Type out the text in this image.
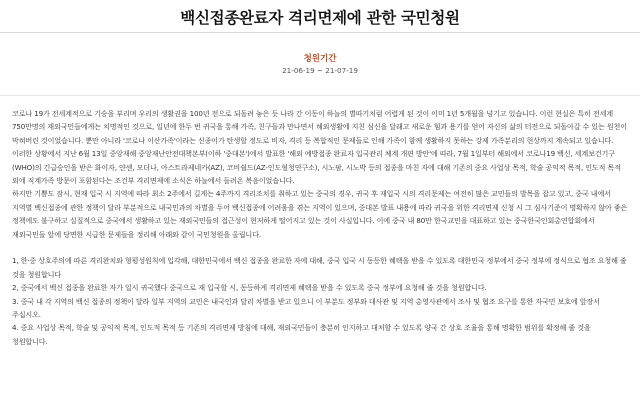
백신접종완료자 격리면제에 관한 국민청원
청원기간
21-06-19 ~ 21-07-19

코로나 19가 전세계적으로 기승을 부리며 우리의 생활권을 100년 전으로 되돌려 놓은 듯 나라 간 이동이 하늘의 별따기처럼 어렵게 된 것이 이미 1년 5개월을 넘기고 있습니다. 이런 현실은 특히 전세계 750만명의 재외국민들에게는 치명적인 것으로, 일년에 한두 번 귀국을 통해 가족, 친구들과 만나면서 해외생활에 지친 심신을 달래고 새로운 힘과 용기를 얻어 자신의 삶의 터전으로 되돌아갈 수 있는 원천이 막혀버린 것이었습니다. 뿐만 아니라 '코로나 이산가족'이라는 신종어가 탄생할 정도로 비자, 격리 등 복합적인 문제들로 인해 가족이 함께 생활하지 못하는 강제 가족분리의 현상까지 계속되고 있습니다.

이러한 상황에서 지난 6월 13일 중앙재해 중앙재난안전대책본부(이하 '중대본')에서 발표한 '해외 예방접종 완료자 입국관리 체계 개편 방안'에 따라, 7월 1일부터 해외에서 코로나19 백신, 세계보건기구(WHO)의 긴급승인을 받은 화이자, 얀센, 모더나, 아스트라제네카(AZ), 코비쉴드(AZ-인도혈청연구소), 시노팜, 시노박 등의 접종을 마친 자에 대해 기존의 중요 사업상 목적, 학술 공익적 목적, 인도적 목적 외에 직계가족 방문이 포함된다는 조건부 격리면제에 소식은 하늘에서 들려온 복음이었습니다.

하지만 기쁨도 잠시, 현재 입국 시 지역에 따라 최소 2주에서 길게는 4주까지 격리조치를 취하고 있는 중국의 경우, 귀국 후 재입국 시의 격리문제는 여전히 많은 교민들의 발목을 잡고 있고, 중국 내에서 지역별 백신접종에 관한 정책이 달라 부분적으로 내국민과의 차별을 두어 백신접종에 어려움을 겪는 지역이 있으며, 중대본 발표 내용에 따라 귀국을 위한 격리면제 신청 시 그 심사기준이 명확하지 않아 좋은 정책에도 불구하고 실질적으로 중국에서 생활하고 있는 재외국민들의 접근성이 현저하게 떨어지고 있는 것이 사실입니다. 이에 중국 내 80만 한국교민을 대표하고 있는 중국한국인회총연합회에서 재외국민들 앞에 당면한 시급한 문제들을 정리해 아래와 같이 국민청원을 올립니다.

1, 한·중 상호주의에 따른 격리완치와 형평성원칙에 입각해, 대한민국에서 백신 접종을 완료한 자에 대해, 중국 입국 시 동등한 혜택을 받을 수 있도록 대한민국 정부에서 중국 정부에 정식으로 협조 요청해 줄 것을 청원합니다

2, 중국에서 백신 접종을 완료한 자가 일시 귀국했다 중국으로 재 입국할 시, 동등하게 격리면제 혜택을 받을 수 있도록 중국 정부에 요청해 줄 것을 청원합니다.

3. 중국 내 각 지역의 백신 접종의 정책이 달라 일부 지역의 교민은 내국인과 달리 차별을 받고 있으니 이 부분도 정부와 대사관 및 지역 총영사관에서 조사 및 협조 요구를 통한 자국민 보호에 앞장서 주십시오.

4. 중요 사업상 목적, 학술 및 공익적 목적, 인도적 목적 등 기존의 격리면제 방침에 대해, 재외국민들이 충분히 인지하고 대처할 수 있도록 양국 간 상호 조율을 통해 명확한 범위를 확정해 줄 것을 청원합니다.
